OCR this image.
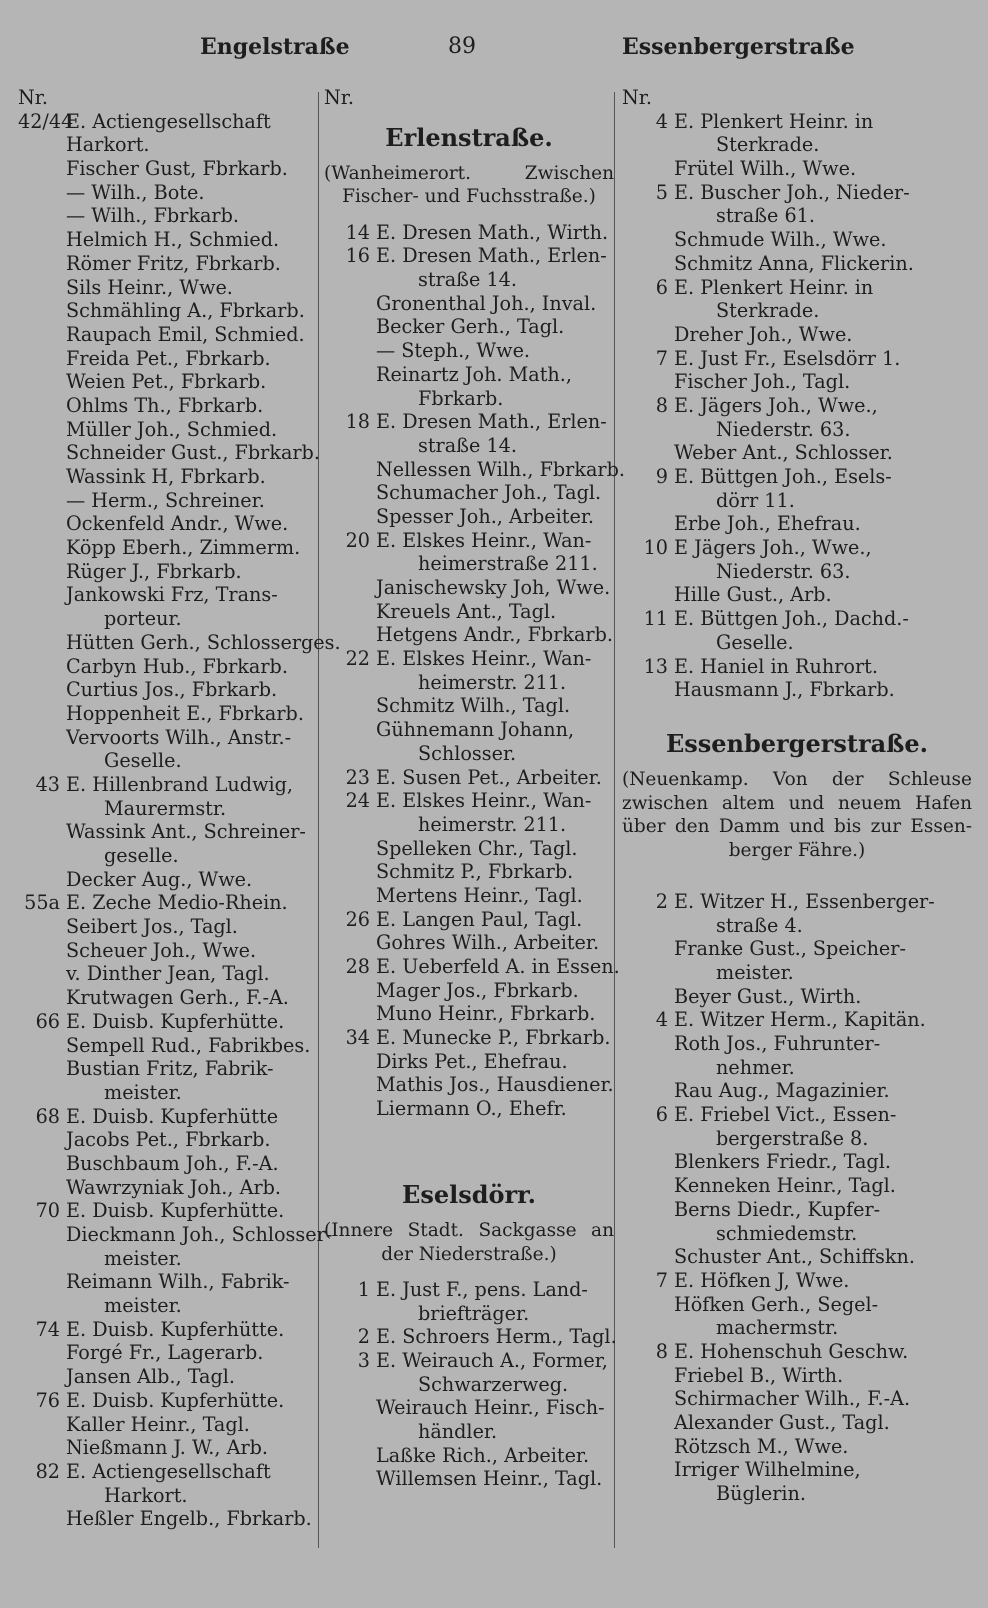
Engelstraße	89	Essenbergerstraße
Nr.
42/44
E. Actiengesellschaft
Harkort.
Fischer Gust, Fbrkarb.
— Wilh., Bote.
— Wilh., Fbrkarb.
Helmich H., Schmied.
Römer Fritz, Fbrkarb.
Sils Heinr., Wwe.
Schmähling A., Fbrkarb.
Raupach Emil, Schmied.
Freida Pet., Fbrkarb.
Weien Pet., Fbrkarb.
Ohlms Th., Fbrkarb.
Müller Joh., Schmied.
Schneider Gust., Fbrkarb.
Wassink H, Fbrkarb.
— Herm., Schreiner.
Ockenfeld Andr., Wwe.
Köpp Eberh., Zimmerm.
Rüger J., Fbrkarb.
Jankowski Frz, Trans-
porteur.
Hütten Gerh., Schlosserges.
Carbyn Hub., Fbrkarb.
Curtius Jos., Fbrkarb.
Hoppenheit E., Fbrkarb.
Vervoorts Wilh., Anstr.-
Geselle.
43 E. Hillenbrand Ludwig,
Maurermstr.
Wassink Ant., Schreiner-
geselle.
Decker Aug., Wwe.
55a E. Zeche Medio-Rhein.
Seibert Jos., Tagl.
Scheuer Joh., Wwe.
v. Dinther Jean, Tagl.
Krutwagen Gerh., F.-A.
66 E. Duisb. Kupferhütte.
Sempell Rud., Fabrikbes.
Bustian Fritz, Fabrik-
meister.
68 E. Duisb. Kupferhütte
Jacobs Pet., Fbrkarb.
Buschbaum Joh., F.-A.
Wawrzyniak Joh., Arb.
70 E. Duisb. Kupferhütte.
Dieckmann Joh., Schlosser-
meister.
Reimann Wilh., Fabrik-
meister.
74 E. Duisb. Kupferhütte.
Forgé Fr., Lagerarb.
Jansen Alb., Tagl.
76 E. Duisb. Kupferhütte.
Kaller Heinr., Tagl.
Nießmann J. W., Arb.
82 E. Actiengesellschaft
Harkort.
Heßler Engelb., Fbrkarb.
Nr.
Erlenstraße.
(Wanheimerort. Zwischen Fischer- und Fuchsstraße.)
14 E. Dresen Math., Wirth.
16 E. Dresen Math., Erlen-
straße 14.
Gronenthal Joh., Inval.
Becker Gerh., Tagl.
— Steph., Wwe.
Reinartz Joh. Math.,
Fbrkarb.
18 E. Dresen Math., Erlen-
straße 14.
Nellessen Wilh., Fbrkarb.
Schumacher Joh., Tagl.
Spesser Joh., Arbeiter.
20 E. Elskes Heinr., Wan-
heimerstraße 211.
Janischewsky Joh, Wwe.
Kreuels Ant., Tagl.
Hetgens Andr., Fbrkarb.
22 E. Elskes Heinr., Wan-
heimerstr. 211.
Schmitz Wilh., Tagl.
Gühnemann Johann,
Schlosser.
23 E. Susen Pet., Arbeiter.
24 E. Elskes Heinr., Wan-
heimerstr. 211.
Spelleken Chr., Tagl.
Schmitz P., Fbrkarb.
Mertens Heinr., Tagl.
26 E. Langen Paul, Tagl.
Gohres Wilh., Arbeiter.
28 E. Ueberfeld A. in Essen.
Mager Jos., Fbrkarb.
Muno Heinr., Fbrkarb.
34 E. Munecke P., Fbrkarb.
Dirks Pet., Ehefrau.
Mathis Jos., Hausdiener.
Liermann O., Ehefr.
Eselsdörr.
(Innere Stadt. Sackgasse an der Niederstraße.)
1 E. Just F., pens. Land-
briefträger.
2 E. Schroers Herm., Tagl.
3 E. Weirauch A., Former,
Schwarzerweg.
Weirauch Heinr., Fisch-
händler.
Laßke Rich., Arbeiter.
Willemsen Heinr., Tagl.
Nr.
4 E. Plenkert Heinr. in
Sterkrade.
Frütel Wilh., Wwe.
5 E. Buscher Joh., Nieder-
straße 61.
Schmude Wilh., Wwe.
Schmitz Anna, Flickerin.
6 E. Plenkert Heinr. in
Sterkrade.
Dreher Joh., Wwe.
7 E. Just Fr., Eselsdörr 1.
Fischer Joh., Tagl.
8 E. Jägers Joh., Wwe.,
Niederstr. 63.
Weber Ant., Schlosser.
9 E. Büttgen Joh., Esels-
dörr 11.
Erbe Joh., Ehefrau.
10 E Jägers Joh., Wwe.,
Niederstr. 63.
Hille Gust., Arb.
11 E. Büttgen Joh., Dachd.-
Geselle.
13 E. Haniel in Ruhrort.
Hausmann J., Fbrkarb.
Essenbergerstraße.
(Neuenkamp. Von der Schleuse zwischen altem und neuem Hafen über den Damm und bis zur Essen- berger Fähre.)
2 E. Witzer H., Essenberger-
straße 4.
Franke Gust., Speicher-
meister.
Beyer Gust., Wirth.
4 E. Witzer Herm., Kapitän.
Roth Jos., Fuhrunter-
nehmer.
Rau Aug., Magazinier.
6 E. Friebel Vict., Essen-
bergerstraße 8.
Blenkers Friedr., Tagl.
Kenneken Heinr., Tagl.
Berns Diedr., Kupfer-
schmiedemstr.
Schuster Ant., Schiffskn.
7 E. Höfken J, Wwe.
Höfken Gerh., Segel-
machermstr.
8 E. Hohenschuh Geschw.
Friebel B., Wirth.
Schirmacher Wilh., F.-A.
Alexander Gust., Tagl.
Rötzsch M., Wwe.
Irriger Wilhelmine,
Büglerin.
